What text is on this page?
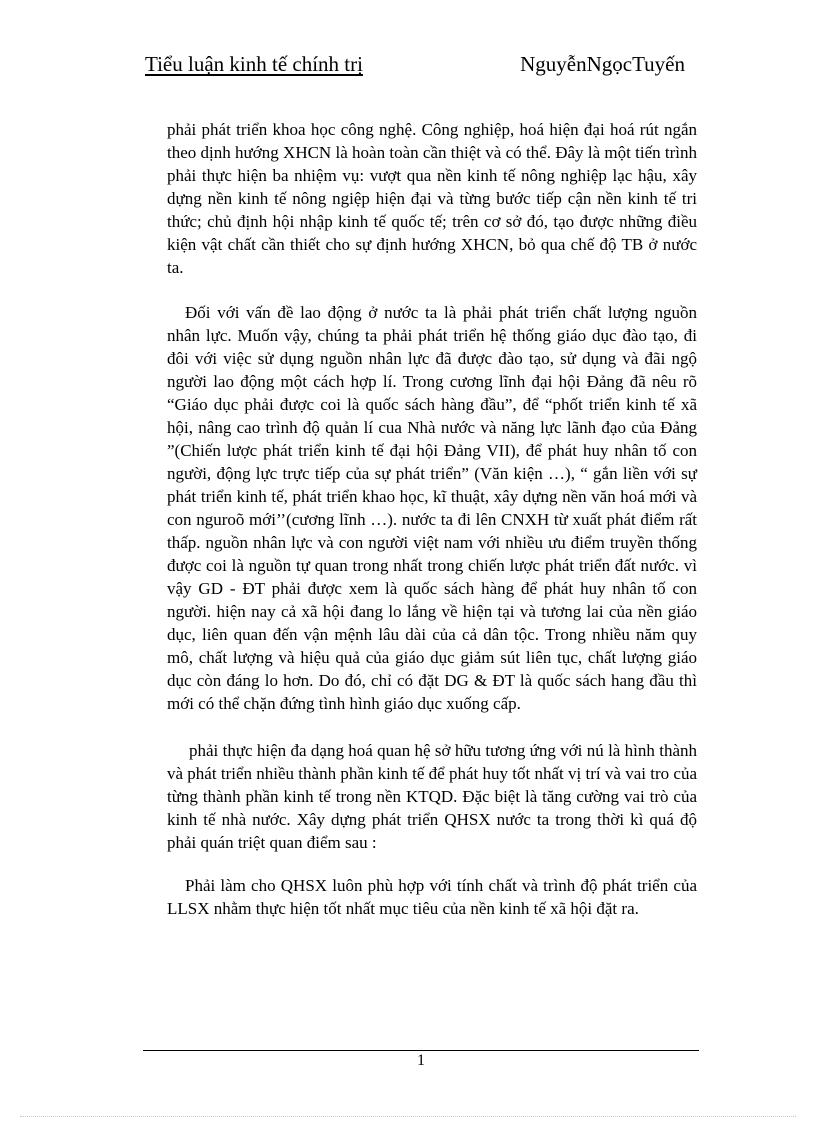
Tiểu luận kinh tế chính trị	NguyễnNgọcTuyến

phải phát triển khoa học công nghệ. Công nghiệp, hoá hiện đại hoá rút ngắn theo dịnh hướng XHCN là hoàn toàn cần thiệt và có thể. Đây là một tiến trình phải thực hiện ba nhiệm vụ: vượt qua nền kinh tế nông nghiệp lạc hậu, xây dựng nền kinh tế nông ngiệp hiện đại và từng bước tiếp cận nền kinh tế tri thức; chủ định hội nhập kinh tế quốc tế; trên cơ sở đó, tạo được những điều kiện vật chất cần thiết cho sự định hướng XHCN, bỏ qua chế độ TB ở nước ta.

Đối với vấn đề lao động ở nước ta là phải phát triển chất lượng nguồn nhân lực. Muốn vậy, chúng ta phải phát triển hệ thống giáo dục đào tạo, đi đôi với việc sử dụng nguồn nhân lực đã được đào tạo, sử dụng và đãi ngộ người lao động một cách hợp lí. Trong cương lĩnh đại hội Đảng đã nêu rõ “Giáo dục phải được coi là quốc sách hàng đầu”, để “phốt triển kinh tế xã hội, nâng cao trình độ quản lí cua Nhà nước và năng lực lãnh đạo của Đảng ”(Chiến lược phát triển kinh tế đại hội Đảng VII), để phát huy nhân tố con người, động lực trực tiếp của sự phát triển” (Văn kiện …), “ gắn liền với sự phát triển kinh tế, phát triển khao học, kĩ thuật, xây dựng nền văn hoá mới và con nguroõ mới’’(cương lĩnh …). nước ta đi lên CNXH từ xuất phát điểm rất thấp. nguồn nhân lực và con người việt nam với nhiều ưu điểm truyền thống được coi là nguồn tự quan trong nhất trong chiến lược phát triển đất nước. vì vậy GD - ĐT phải được xem là quốc sách hàng để phát huy nhân tố con người. hiện nay cả xã hội đang lo lắng về hiện tại và tương lai của nền giáo dục, liên quan đến vận mệnh lâu dài của cả dân tộc. Trong nhiều năm quy mô, chất lượng và hiệu quả của giáo dục giảm sút liên tục, chất lượng giáo dục còn đáng lo hơn. Do đó, chỉ có đặt DG & ĐT là quốc sách hang đầu thì mới có thể chặn đứng tình hình giáo dục xuống cấp.

phải thực hiện đa dạng hoá quan hệ sở hữu tương ứng với nú là hình thành và phát triển nhiều thành phần kinh tế để phát huy tốt nhất vị trí và vai tro của từng thành phần kinh tế trong nền KTQD. Đặc biệt là tăng cường vai trò của kinh tế nhà nước. Xây dựng phát triển QHSX nước ta trong thời kì quá độ phải quán triệt quan điểm sau :

Phải làm cho QHSX luôn phù hợp với tính chất và trình độ phát triển của LLSX nhằm thực hiện tốt nhất mục tiêu của nền kinh tế xã hội đặt ra.

1
